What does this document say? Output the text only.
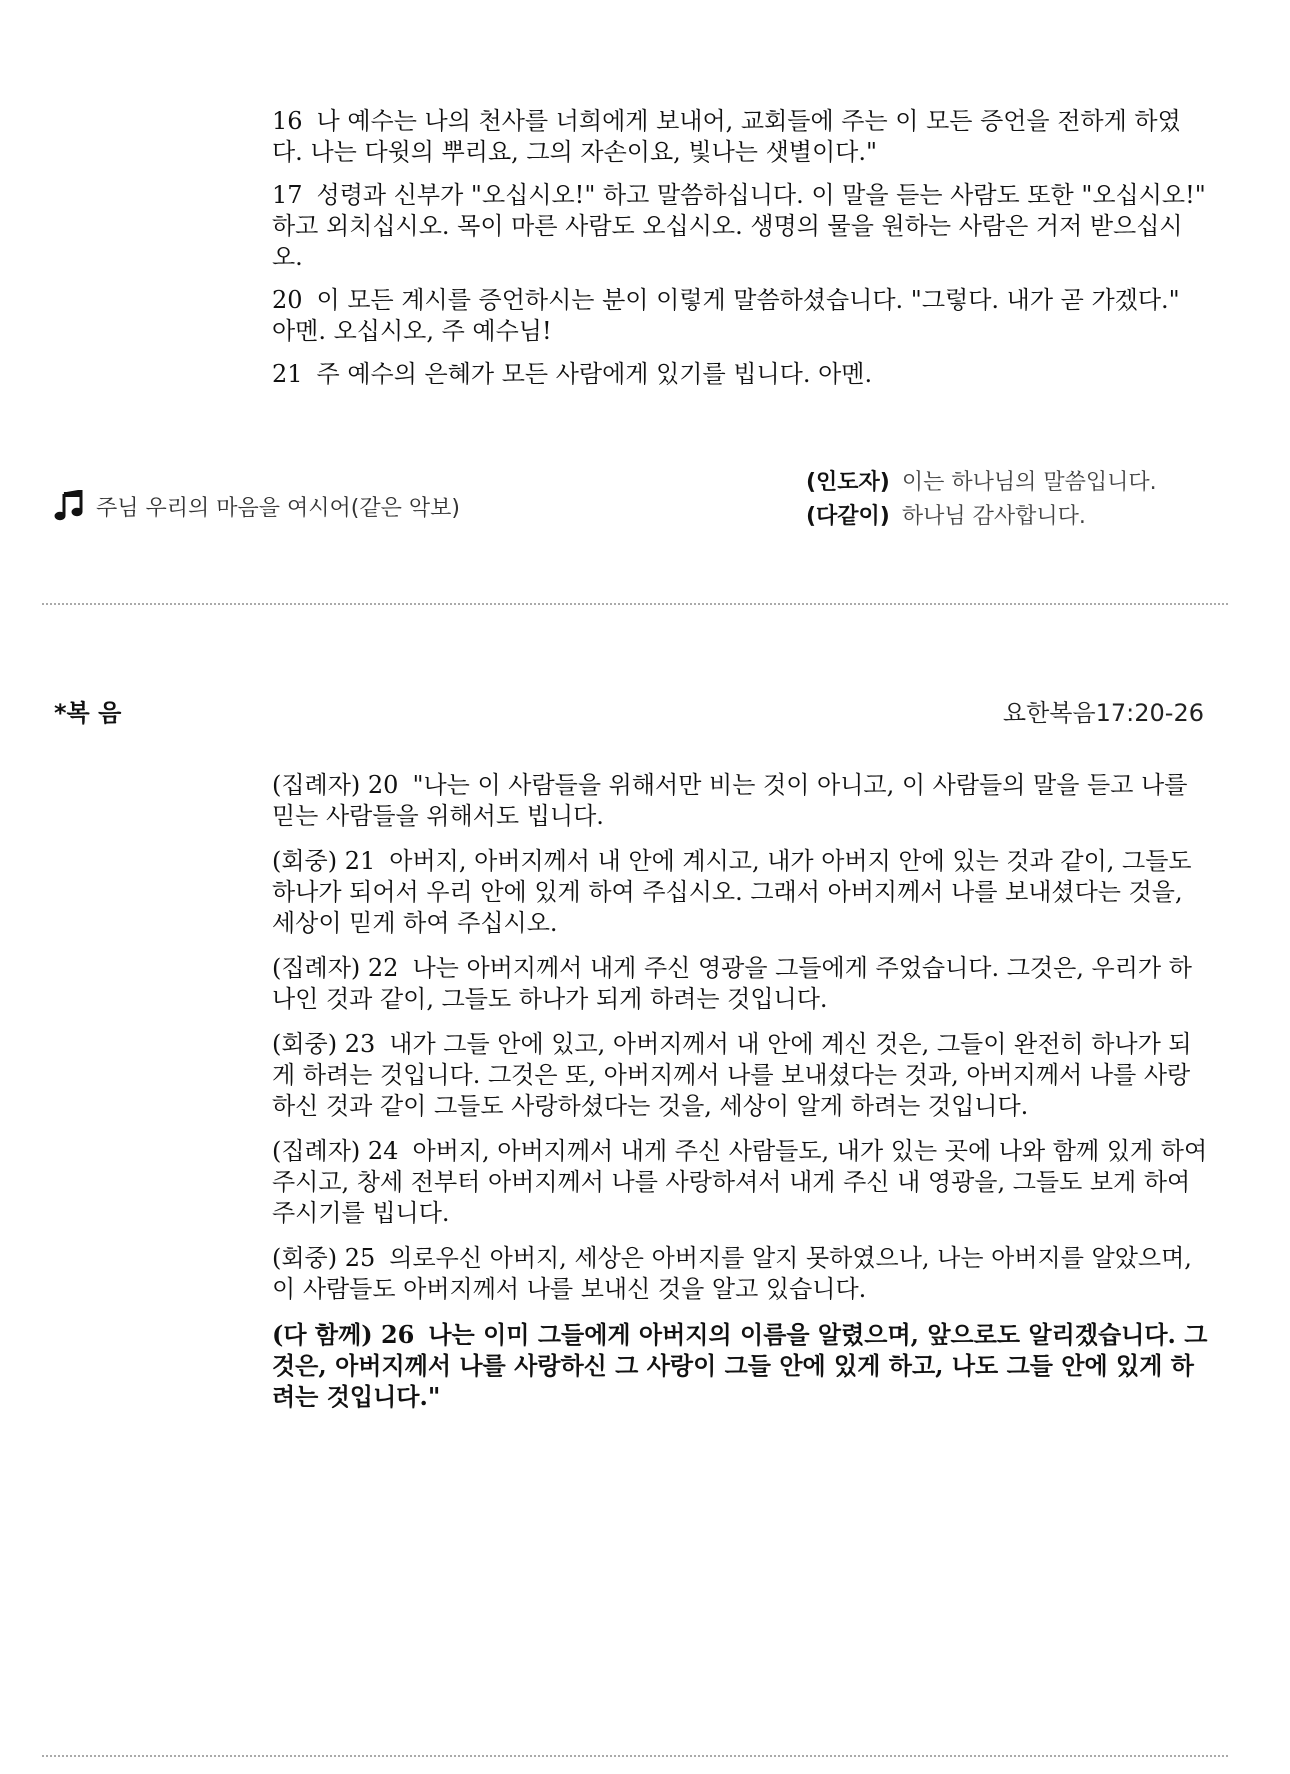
16 나 예수는 나의 천사를 너희에게 보내어, 교회들에 주는 이 모든 증언을 전하게 하였다. 나는 다윗의 뿌리요, 그의 자손이요, 빛나는 샛별이다."

17 성령과 신부가 "오십시오!" 하고 말씀하십니다. 이 말을 듣는 사람도 또한 "오십시오!" 하고 외치십시오. 목이 마른 사람도 오십시오. 생명의 물을 원하는 사람은 거저 받으십시오.

20 이 모든 계시를 증언하시는 분이 이렇게 말씀하셨습니다. "그렇다. 내가 곧 가겠다." 아멘. 오십시오, 주 예수님!

21 주 예수의 은혜가 모든 사람에게 있기를 빕니다. 아멘.

주님 우리의 마음을 여시어(같은 악보)
(인도자) 이는 하나님의 말씀입니다.
(다같이) 하나님 감사합니다.
*복 음	요한복음17:20-26

(집례자) 20 "나는 이 사람들을 위해서만 비는 것이 아니고, 이 사람들의 말을 듣고 나를 믿는 사람들을 위해서도 빕니다.

(회중) 21 아버지, 아버지께서 내 안에 계시고, 내가 아버지 안에 있는 것과 같이, 그들도 하나가 되어서 우리 안에 있게 하여 주십시오. 그래서 아버지께서 나를 보내셨다는 것을, 세상이 믿게 하여 주십시오.

(집례자) 22 나는 아버지께서 내게 주신 영광을 그들에게 주었습니다. 그것은, 우리가 하나인 것과 같이, 그들도 하나가 되게 하려는 것입니다.

(회중) 23 내가 그들 안에 있고, 아버지께서 내 안에 계신 것은, 그들이 완전히 하나가 되게 하려는 것입니다. 그것은 또, 아버지께서 나를 보내셨다는 것과, 아버지께서 나를 사랑하신 것과 같이 그들도 사랑하셨다는 것을, 세상이 알게 하려는 것입니다.

(집례자) 24 아버지, 아버지께서 내게 주신 사람들도, 내가 있는 곳에 나와 함께 있게 하여 주시고, 창세 전부터 아버지께서 나를 사랑하셔서 내게 주신 내 영광을, 그들도 보게 하여 주시기를 빕니다.

(회중) 25 의로우신 아버지, 세상은 아버지를 알지 못하였으나, 나는 아버지를 알았으며, 이 사람들도 아버지께서 나를 보내신 것을 알고 있습니다.

(다 함께) 26 나는 이미 그들에게 아버지의 이름을 알렸으며, 앞으로도 알리겠습니다. 그것은, 아버지께서 나를 사랑하신 그 사랑이 그들 안에 있게 하고, 나도 그들 안에 있게 하려는 것입니다."
